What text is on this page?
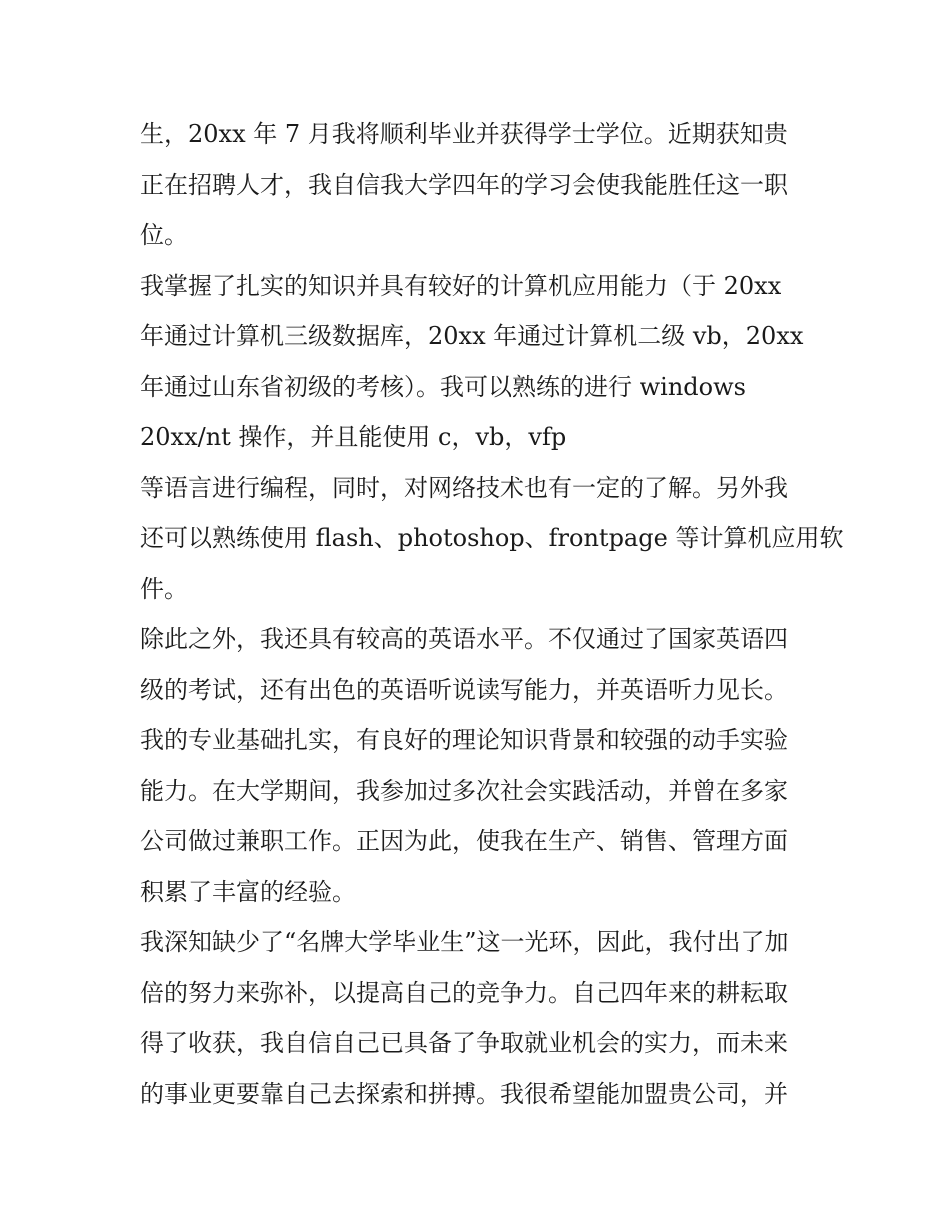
生，20xx 年 7 月我将顺利毕业并获得学士学位。近期获知贵
正在招聘人才，我自信我大学四年的学习会使我能胜任这一职
位。
我掌握了扎实的知识并具有较好的计算机应用能力（于 20xx
年通过计算机三级数据库，20xx 年通过计算机二级 vb，20xx
年通过山东省初级的考核）。我可以熟练的进行 windows
20xx/nt 操作，并且能使用 c，vb，vfp
等语言进行编程，同时，对网络技术也有一定的了解。另外我
还可以熟练使用 flash、photoshop、frontpage 等计算机应用软
件。
除此之外，我还具有较高的英语水平。不仅通过了国家英语四
级的考试，还有出色的英语听说读写能力，并英语听力见长。
我的专业基础扎实，有良好的理论知识背景和较强的动手实验
能力。在大学期间，我参加过多次社会实践活动，并曾在多家
公司做过兼职工作。正因为此，使我在生产、销售、管理方面
积累了丰富的经验。
我深知缺少了“名牌大学毕业生”这一光环，因此，我付出了加
倍的努力来弥补，以提高自己的竞争力。自己四年来的耕耘取
得了收获，我自信自己已具备了争取就业机会的实力，而未来
的事业更要靠自己去探索和拼搏。我很希望能加盟贵公司，并
